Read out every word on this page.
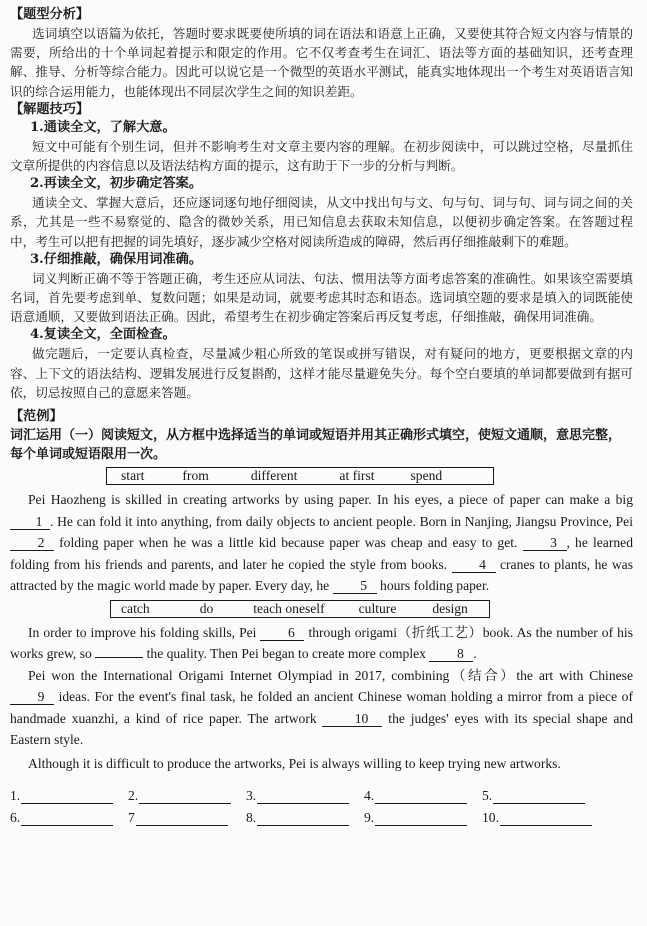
【题型分析】

选词填空以语篇为依托，答题时要求既要使所填的词在语法和语意上正确，又要使其符合短文内容与情景的需要，所给出的十个单词起着提示和限定的作用。它不仅考查考生在词汇、语法等方面的基础知识，还考查理解、推导、分析等综合能力。因此可以说它是一个微型的英语水平测试，能真实地体现出一个考生对英语语言知识的综合运用能力，也能体现出不同层次学生之间的知识差距。

【解题技巧】

1.通读全文，了解大意。

短文中可能有个别生词，但并不影响考生对文章主要内容的理解。在初步阅读中，可以跳过空格，尽量抓住文章所提供的内容信息以及语法结构方面的提示，这有助于下一步的分析与判断。

2.再读全文，初步确定答案。

通读全文、掌握大意后，还应逐词逐句地仔细阅读，从文中找出句与文、句与句、词与句、词与词之间的关系，尤其是一些不易察觉的、隐含的微妙关系，用已知信息去获取未知信息，以便初步确定答案。在答题过程中，考生可以把有把握的词先填好，逐步减少空格对阅读所造成的障碍，然后再仔细推敲剩下的难题。

3.仔细推敲，确保用词准确。

词义判断正确不等于答题正确，考生还应从词法、句法、惯用法等方面考虑答案的准确性。如果该空需要填名词，首先要考虑到单、复数问题；如果是动词，就要考虑其时态和语态。选词填空题的要求是填入的词既能使语意通顺，又要做到语法正确。因此，希望考生在初步确定答案后再反复考虑，仔细推敲，确保用词准确。

4.复读全文，全面检查。

做完题后，一定要认真检查，尽量减少粗心所致的笔误或拼写错误，对有疑问的地方，更要根据文章的内容、上下文的语法结构、逻辑发展进行反复斟酌，这样才能尽量避免失分。每个空白要填的单词都要做到有据可依，切忌按照自己的意愿来答题。

【范例】

词汇运用（一）阅读短文，从方框中选择适当的单词或短语并用其正确形式填空，使短文通顺，意思完整，每个单词或短语限用一次。

start	from	different	at first	spend

Pei Haozheng is skilled in creating artworks by using paper. In his eyes, a piece of paper can make a big 1 . He can fold it into anything, from daily objects to ancient people. Born in Nanjing, Jiangsu Province, Pei 2 folding paper when he was a little kid because paper was cheap and easy to get. 3 , he learned folding from his friends and parents, and later he copied the style from books. 4 cranes to plants, he was attracted by the magic world made by paper. Every day, he 5 hours folding paper.

catch	do	teach oneself	culture	design

In order to improve his folding skills, Pei 6 through origami（折纸工艺）book. As the number of his works grew, so	the quality. Then Pei began to create more complex 8 .

Pei won the International Origami Internet Olympiad in 2017, combining（结合）the art with Chinese 9 ideas. For the event's final task, he folded an ancient Chinese woman holding a mirror from a piece of handmade xuanzhi, a kind of rice paper. The artwork	10 the judges' eyes with its special shape and Eastern style.

Although it is difficult to produce the artworks, Pei is always willing to keep trying new artworks.

1.	2.	3.	4.	5.
6.	7	8.	9.	10.
